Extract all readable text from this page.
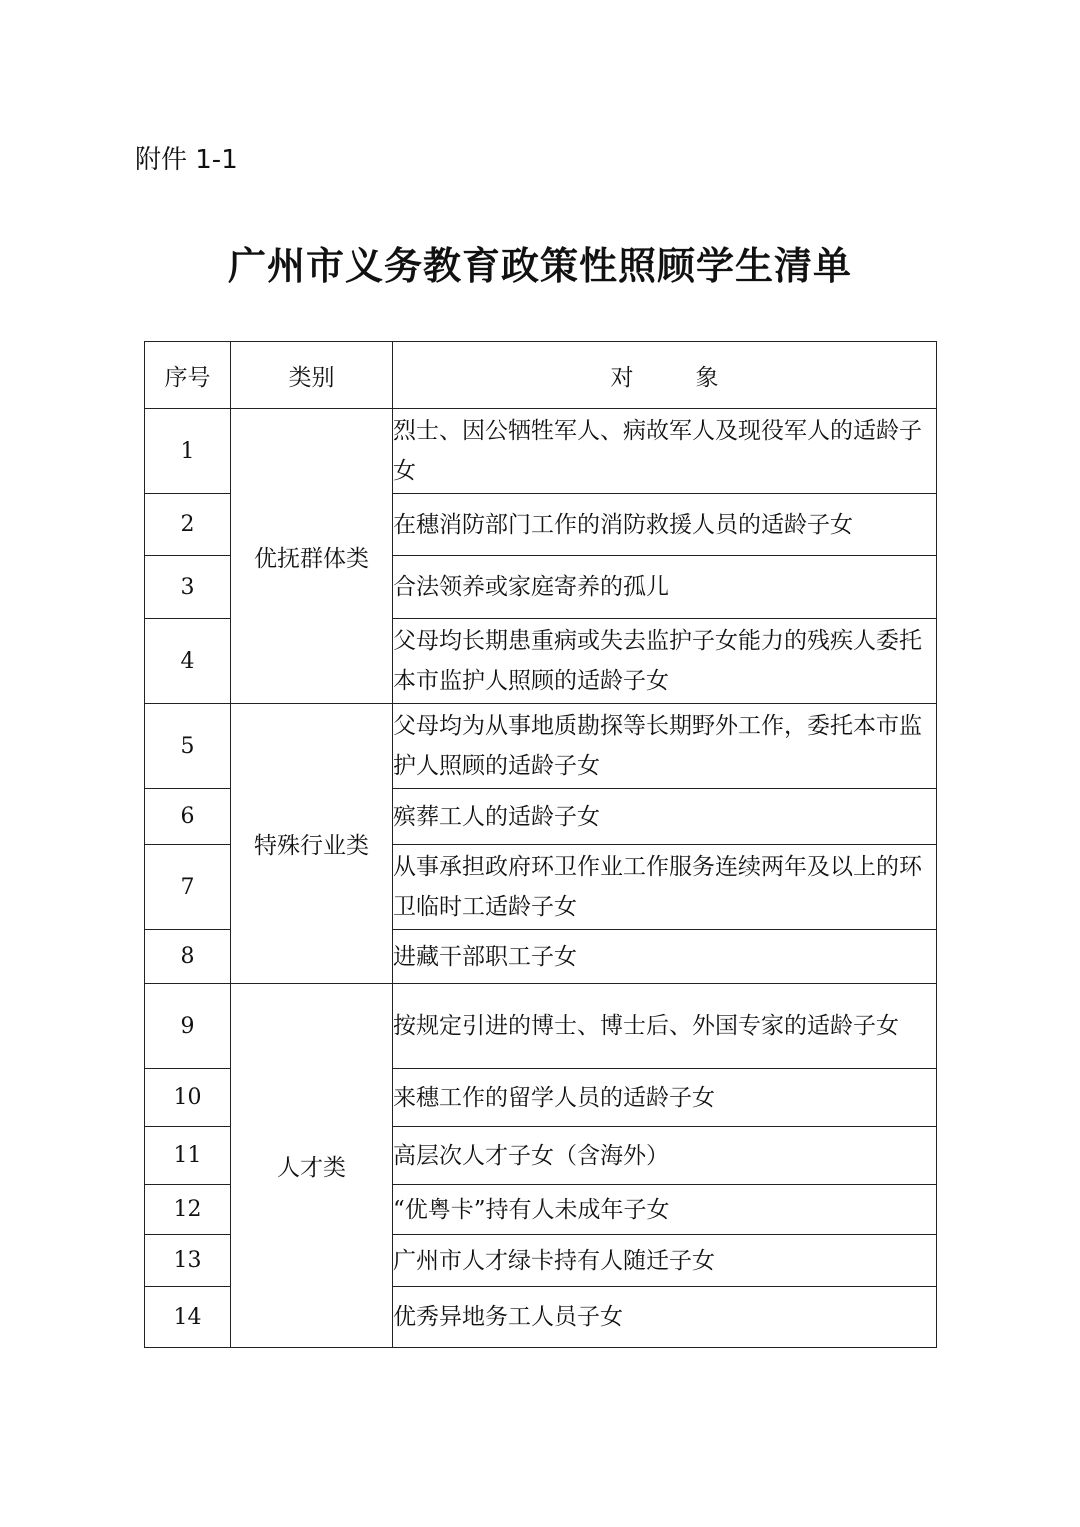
附件 1-1
广州市义务教育政策性照顾学生清单
序号	类别	对 象
1	优抚群体类	烈士、因公牺牲军人、病故军人及现役军人的适龄子女
2		在穗消防部门工作的消防救援人员的适龄子女
3		合法领养或家庭寄养的孤儿
4		父母均长期患重病或失去监护子女能力的残疾人委托本市监护人照顾的适龄子女
5	特殊行业类	父母均为从事地质勘探等长期野外工作，委托本市监护人照顾的适龄子女
6		殡葬工人的适龄子女
7		从事承担政府环卫作业工作服务连续两年及以上的环卫临时工适龄子女
8		进藏干部职工子女
9	人才类	按规定引进的博士、博士后、外国专家的适龄子女
10		来穗工作的留学人员的适龄子女
11		高层次人才子女（含海外）
12		“优粤卡”持有人未成年子女
13		广州市人才绿卡持有人随迁子女
14		优秀异地务工人员子女
